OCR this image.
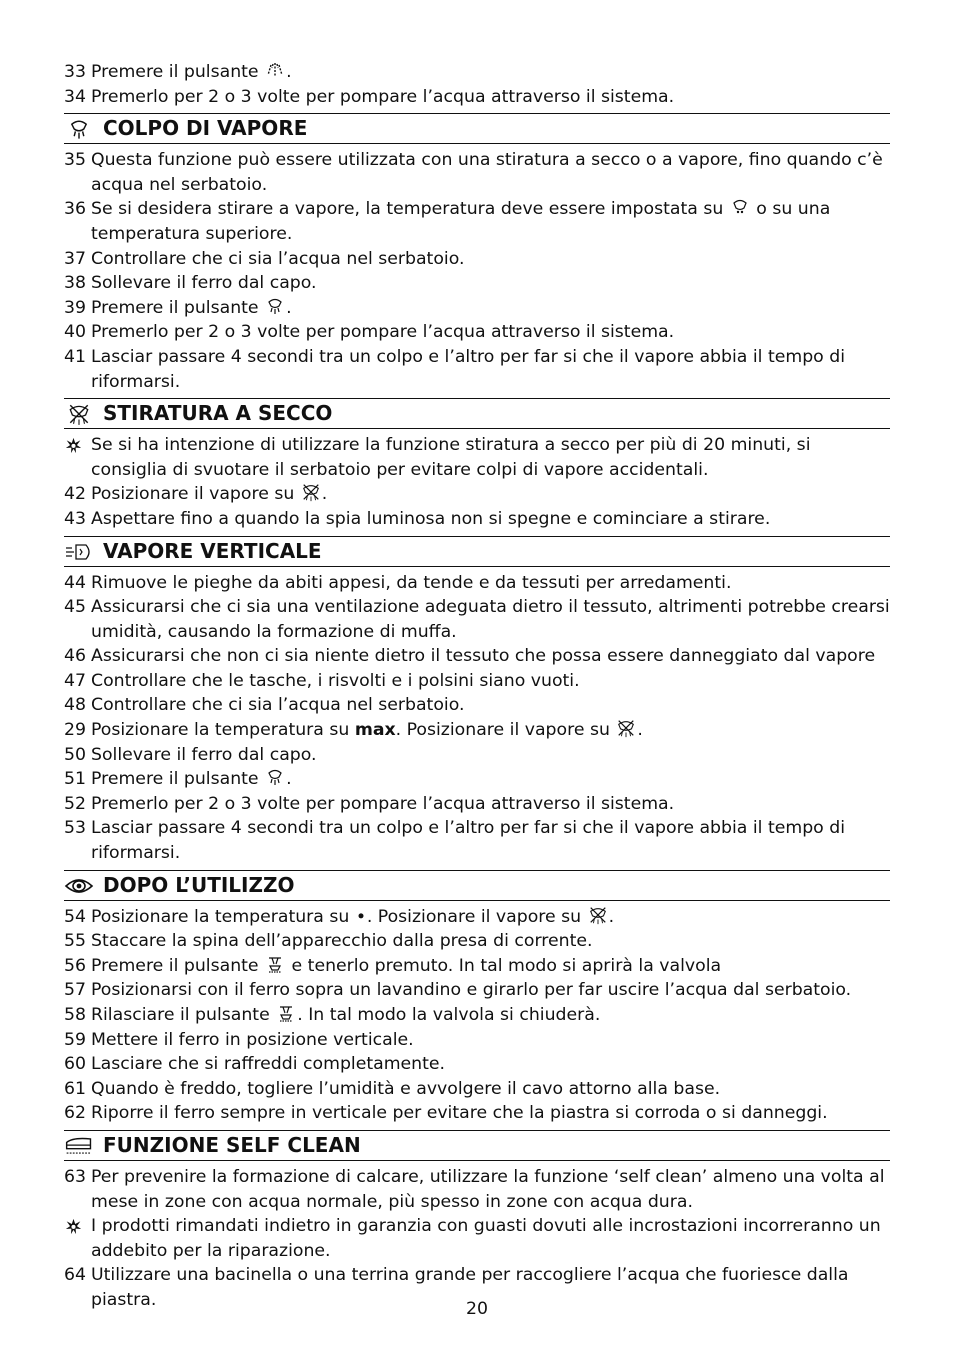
33 Premere il pulsante .
34 Premerlo per 2 o 3 volte per pompare l’acqua attraverso il sistema.
COLPO DI VAPORE
35 Questa funzione può essere utilizzata con una stiratura a secco o a vapore, fino quando c’è acqua nel serbatoio.
36 Se si desidera stirare a vapore, la temperatura deve essere impostata su  o su una temperatura superiore.
37 Controllare che ci sia l’acqua nel serbatoio.
38 Sollevare il ferro dal capo.
39 Premere il pulsante .
40 Premerlo per 2 o 3 volte per pompare l’acqua attraverso il sistema.
41 Lasciar passare 4 secondi tra un colpo e l’altro per far si che il vapore abbia il tempo di riformarsi.
STIRATURA A SECCO
Se si ha intenzione di utilizzare la funzione stiratura a secco per più di 20 minuti, si consiglia di svuotare il serbatoio per evitare colpi di vapore accidentali.
42 Posizionare il vapore su .
43 Aspettare fino a quando la spia luminosa non si spegne e cominciare a stirare.
VAPORE VERTICALE
44 Rimuove le pieghe da abiti appesi, da tende e da tessuti per arredamenti.
45 Assicurarsi che ci sia una ventilazione adeguata dietro il tessuto, altrimenti potrebbe crearsi umidità, causando la formazione di muffa.
46 Assicurarsi che non ci sia niente dietro il tessuto che possa essere danneggiato dal vapore
47 Controllare che le tasche, i risvolti e i polsini siano vuoti.
48 Controllare che ci sia l’acqua nel serbatoio.
29 Posizionare la temperatura su max. Posizionare il vapore su .
50 Sollevare il ferro dal capo.
51 Premere il pulsante .
52 Premerlo per 2 o 3 volte per pompare l’acqua attraverso il sistema.
53 Lasciar passare 4 secondi tra un colpo e l’altro per far si che il vapore abbia il tempo di riformarsi.
DOPO L’UTILIZZO
54 Posizionare la temperatura su . Posizionare il vapore su .
55 Staccare la spina dell’apparecchio dalla presa di corrente.
56 Premere il pulsante  e tenerlo premuto. In tal modo si aprirà la valvola
57 Posizionarsi con il ferro sopra un lavandino e girarlo per far uscire l’acqua dal serbatoio.
58 Rilasciare il pulsante . In tal modo la valvola si chiuderà.
59 Mettere il ferro in posizione verticale.
60 Lasciare che si raffreddi completamente.
61 Quando è freddo, togliere l’umidità e avvolgere il cavo attorno alla base.
62 Riporre il ferro sempre in verticale per evitare che la piastra si corroda o si danneggi.
FUNZIONE SELF CLEAN
63 Per prevenire la formazione di calcare, utilizzare la funzione ‘self clean’ almeno una volta al mese in zone con acqua normale, più spesso in zone con acqua dura.
I prodotti rimandati indietro in garanzia con guasti dovuti alle incrostazioni incorreranno un addebito per la riparazione.
64 Utilizzare una bacinella o una terrina grande per raccogliere l’acqua che fuoriesce dalla piastra.	20
